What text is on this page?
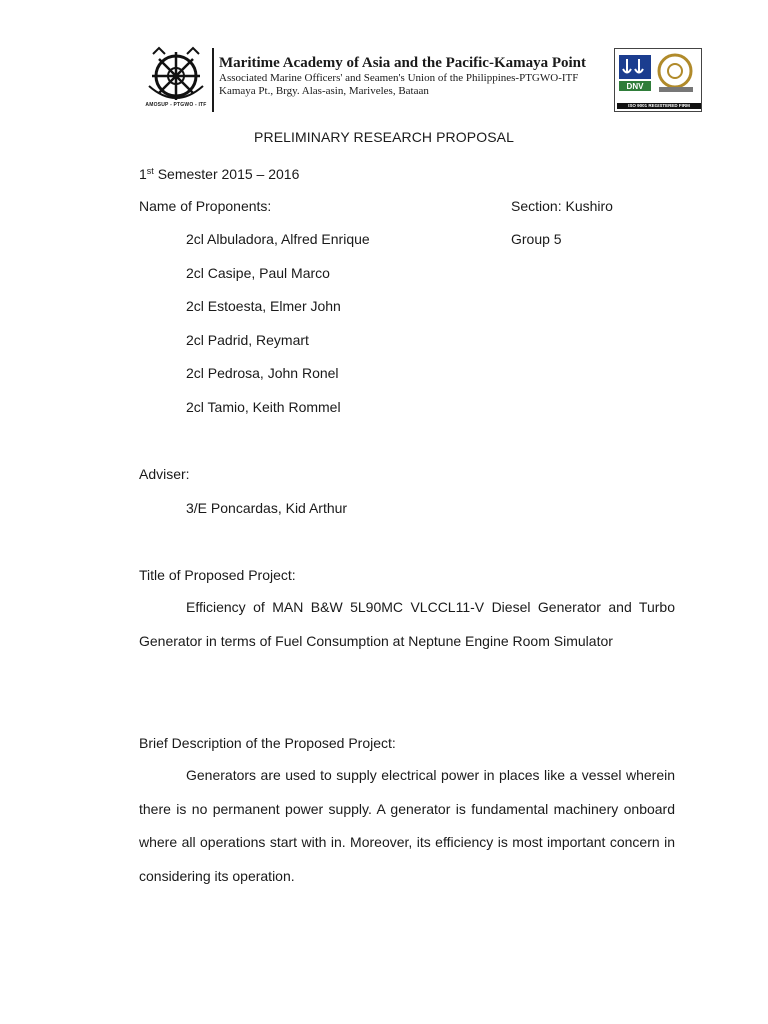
AMOSUP - PTGWO - ITF
Maritime Academy of Asia and the Pacific-Kamaya Point
Associated Marine Officers' and Seamen's Union of the Philippines-PTGWO-ITF
Kamaya Pt., Brgy. Alas-asin, Mariveles, Bataan	DNV
ISO 9001 REGISTERED FIRM
PRELIMINARY RESEARCH PROPOSAL
1st Semester 2015 – 2016
Name of Proponents:	Section: Kushiro
2cl Albuladora, Alfred Enrique	Group 5
2cl Casipe, Paul Marco
2cl Estoesta, Elmer John
2cl Padrid, Reymart
2cl Pedrosa, John Ronel
2cl Tamio, Keith Rommel
Adviser:
3/E Poncardas, Kid Arthur
Title of Proposed Project:
Efficiency of MAN B&W 5L90MC VLCCL11-V Diesel Generator and Turbo Generator in terms of Fuel Consumption at Neptune Engine Room Simulator
Brief Description of the Proposed Project:
Generators are used to supply electrical power in places like a vessel wherein there is no permanent power supply. A generator is fundamental machinery onboard where all operations start with in. Moreover, its efficiency is most important concern in considering its operation.
